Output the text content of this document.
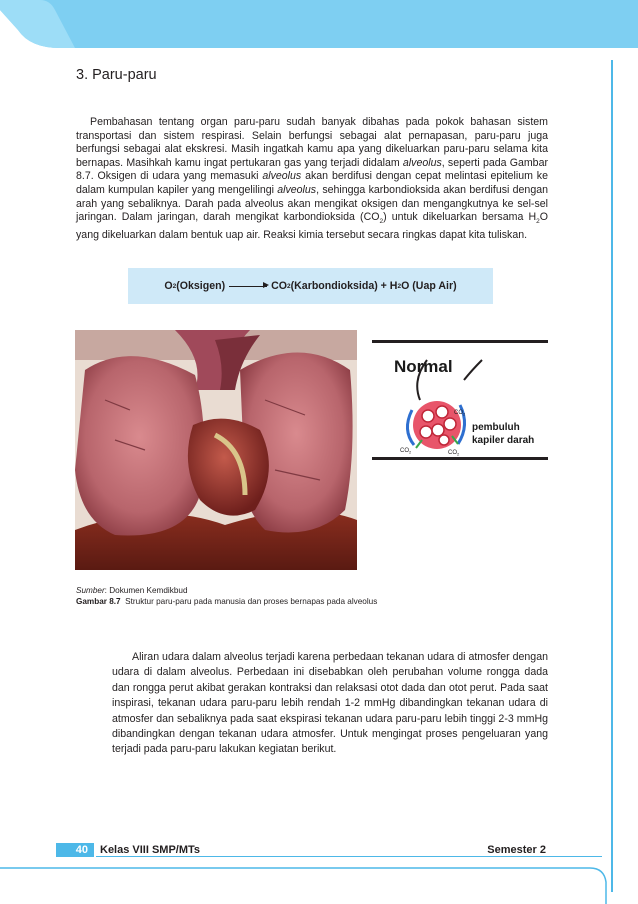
3. Paru-paru

Pembahasan tentang organ paru-paru sudah banyak dibahas pada pokok bahasan sistem transportasi dan sistem respirasi. Selain berfungsi sebagai alat pernapasan, paru-paru juga berfungsi sebagai alat ekskresi. Masih ingatkah kamu apa yang dikeluarkan paru-paru selama kita bernapas. Masihkah kamu ingat pertukaran gas yang terjadi didalam alveolus, seperti pada Gambar 8.7. Oksigen di udara yang memasuki alveolus akan berdifusi dengan cepat melintasi epitelium ke dalam kumpulan kapiler yang mengelilingi alveolus, sehingga karbondioksida akan berdifusi dengan arah yang sebaliknya. Darah pada alveolus akan mengikat oksigen dan mengangkutnya ke sel-sel jaringan. Dalam jaringan, darah mengikat karbondioksida $(CO_2)$ untuk dikeluarkan bersama $H_2O$ yang dikeluarkan dalam bentuk uap air. Reaksi kimia tersebut secara ringkas dapat kita tuliskan.

O 2 (Oksigen) → CO 2 (Karbondioksida) + H 2 O (Uap Air)
Normal
$CO_2$
$CO_2$	$CO_2$
pembuluh
kapiler darah
Sumber: Dokumen Kemdikbud
Gambar 8.7 Struktur paru-paru pada manusia dan proses bernapas pada alveolus

Aliran udara dalam alveolus terjadi karena perbedaan tekanan udara di atmosfer dengan udara di dalam alveolus. Perbedaan ini disebabkan oleh perubahan volume rongga dada dan rongga perut akibat gerakan kontraksi dan relaksasi otot dada dan otot perut. Pada saat inspirasi, tekanan udara paru-paru lebih rendah 1-2 mmHg dibandingkan tekanan udara di atmosfer dan sebaliknya pada saat ekspirasi tekanan udara paru-paru lebih tinggi 2-3 mmHg dibandingkan dengan tekanan udara atmosfer. Untuk mengingat proses pengeluaran yang terjadi pada paru-paru lakukan kegiatan berikut.

40	Kelas VIII SMP/MTs	Semester 2
